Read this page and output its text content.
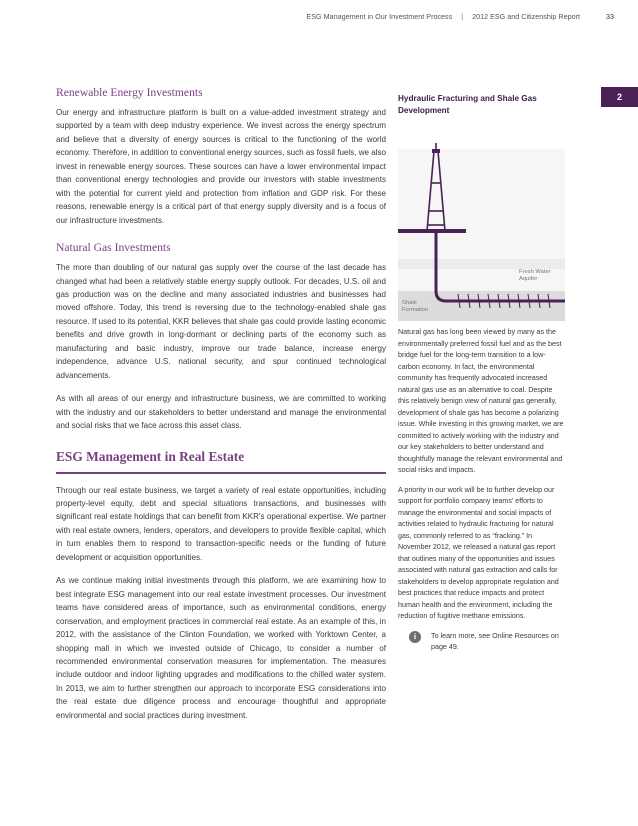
ESG Management in Our Investment Process | 2012 ESG and Citizenship Report	33
2
Renewable Energy Investments

Our energy and infrastructure platform is built on a value-added investment strategy and supported by a team with deep industry experience. We invest across the energy spectrum and believe that a diversity of energy sources is critical to the functioning of the world economy. Therefore, in addition to conventional energy sources, such as fossil fuels, we also invest in renewable energy sources. These sources can have a lower environmental impact than conventional energy technologies and provide our investors with stable investments with the potential for current yield and protection from inflation and GDP risk. For these reasons, renewable energy is a critical part of that energy supply diversity and is a focus of our infrastructure investments.

Natural Gas Investments

The more than doubling of our natural gas supply over the course of the last decade has changed what had been a relatively stable energy supply outlook. For decades, U.S. oil and gas production was on the decline and many associated industries and businesses had moved offshore. Today, this trend is reversing due to the technology-enabled shale gas resource. If used to its potential, KKR believes that shale gas could provide lasting economic benefits and drive growth in long-dormant or declining parts of the economy such as manufacturing and basic industry, improve our trade balance, increase energy independence, advance U.S. national security, and spur continued technological advancements.

As with all areas of our energy and infrastructure business, we are committed to working with the industry and our stakeholders to better understand and manage the environmental and social risks that we face across this asset class.

ESG Management in Real Estate

Through our real estate business, we target a variety of real estate opportunities, including property-level equity, debt and special situations transactions, and businesses with significant real estate holdings that can benefit from KKR's operational expertise. We partner with real estate owners, lenders, operators, and developers to provide flexible capital, which in turn enables them to respond to transaction-specific needs or the funding of future development or acquisition opportunities.

As we continue making initial investments through this platform, we are examining how to best integrate ESG management into our real estate investment processes. Our investment teams have considered areas of importance, such as environmental conditions, energy conservation, and employment practices in commercial real estate. As an example of this, in 2012, with the assistance of the Clinton Foundation, we worked with Yorktown Center, a shopping mall in which we invested outside of Chicago, to consider a number of recommended environmental conservation measures for implementation. The measures include outdoor and indoor lighting upgrades and modifications to the chilled water system. In 2013, we aim to further strengthen our approach to incorporate ESG considerations into the real estate due diligence process and encourage thoughtful and appropriate environmental and social practices during investment.

Hydraulic Fracturing and Shale Gas Development
Fresh Water Aquifer
Shale Formation

Natural gas has long been viewed by many as the environmentally preferred fossil fuel and as the best bridge fuel for the long-term transition to a low-carbon economy. In fact, the environmental community has frequently advocated increased natural gas use as an alternative to coal. Despite this relatively benign view of natural gas generally, development of shale gas has become a polarizing issue. While investing in this growing market, we are committed to actively working with the industry and our key stakeholders to better understand and thoughtfully manage the relevant environmental and social risks and impacts.

A priority in our work will be to further develop our support for portfolio company teams' efforts to manage the environmental and social impacts of activities related to hydraulic fracturing for natural gas, commonly referred to as “fracking.” In November 2012, we released a natural gas report that outlines many of the opportunities and issues associated with natural gas extraction and calls for stakeholders to develop appropriate regulation and best practices that reduce impacts and protect human health and the environment, including the reduction of fugitive methane emissions.

i	To learn more, see Online Resources on page 49.
